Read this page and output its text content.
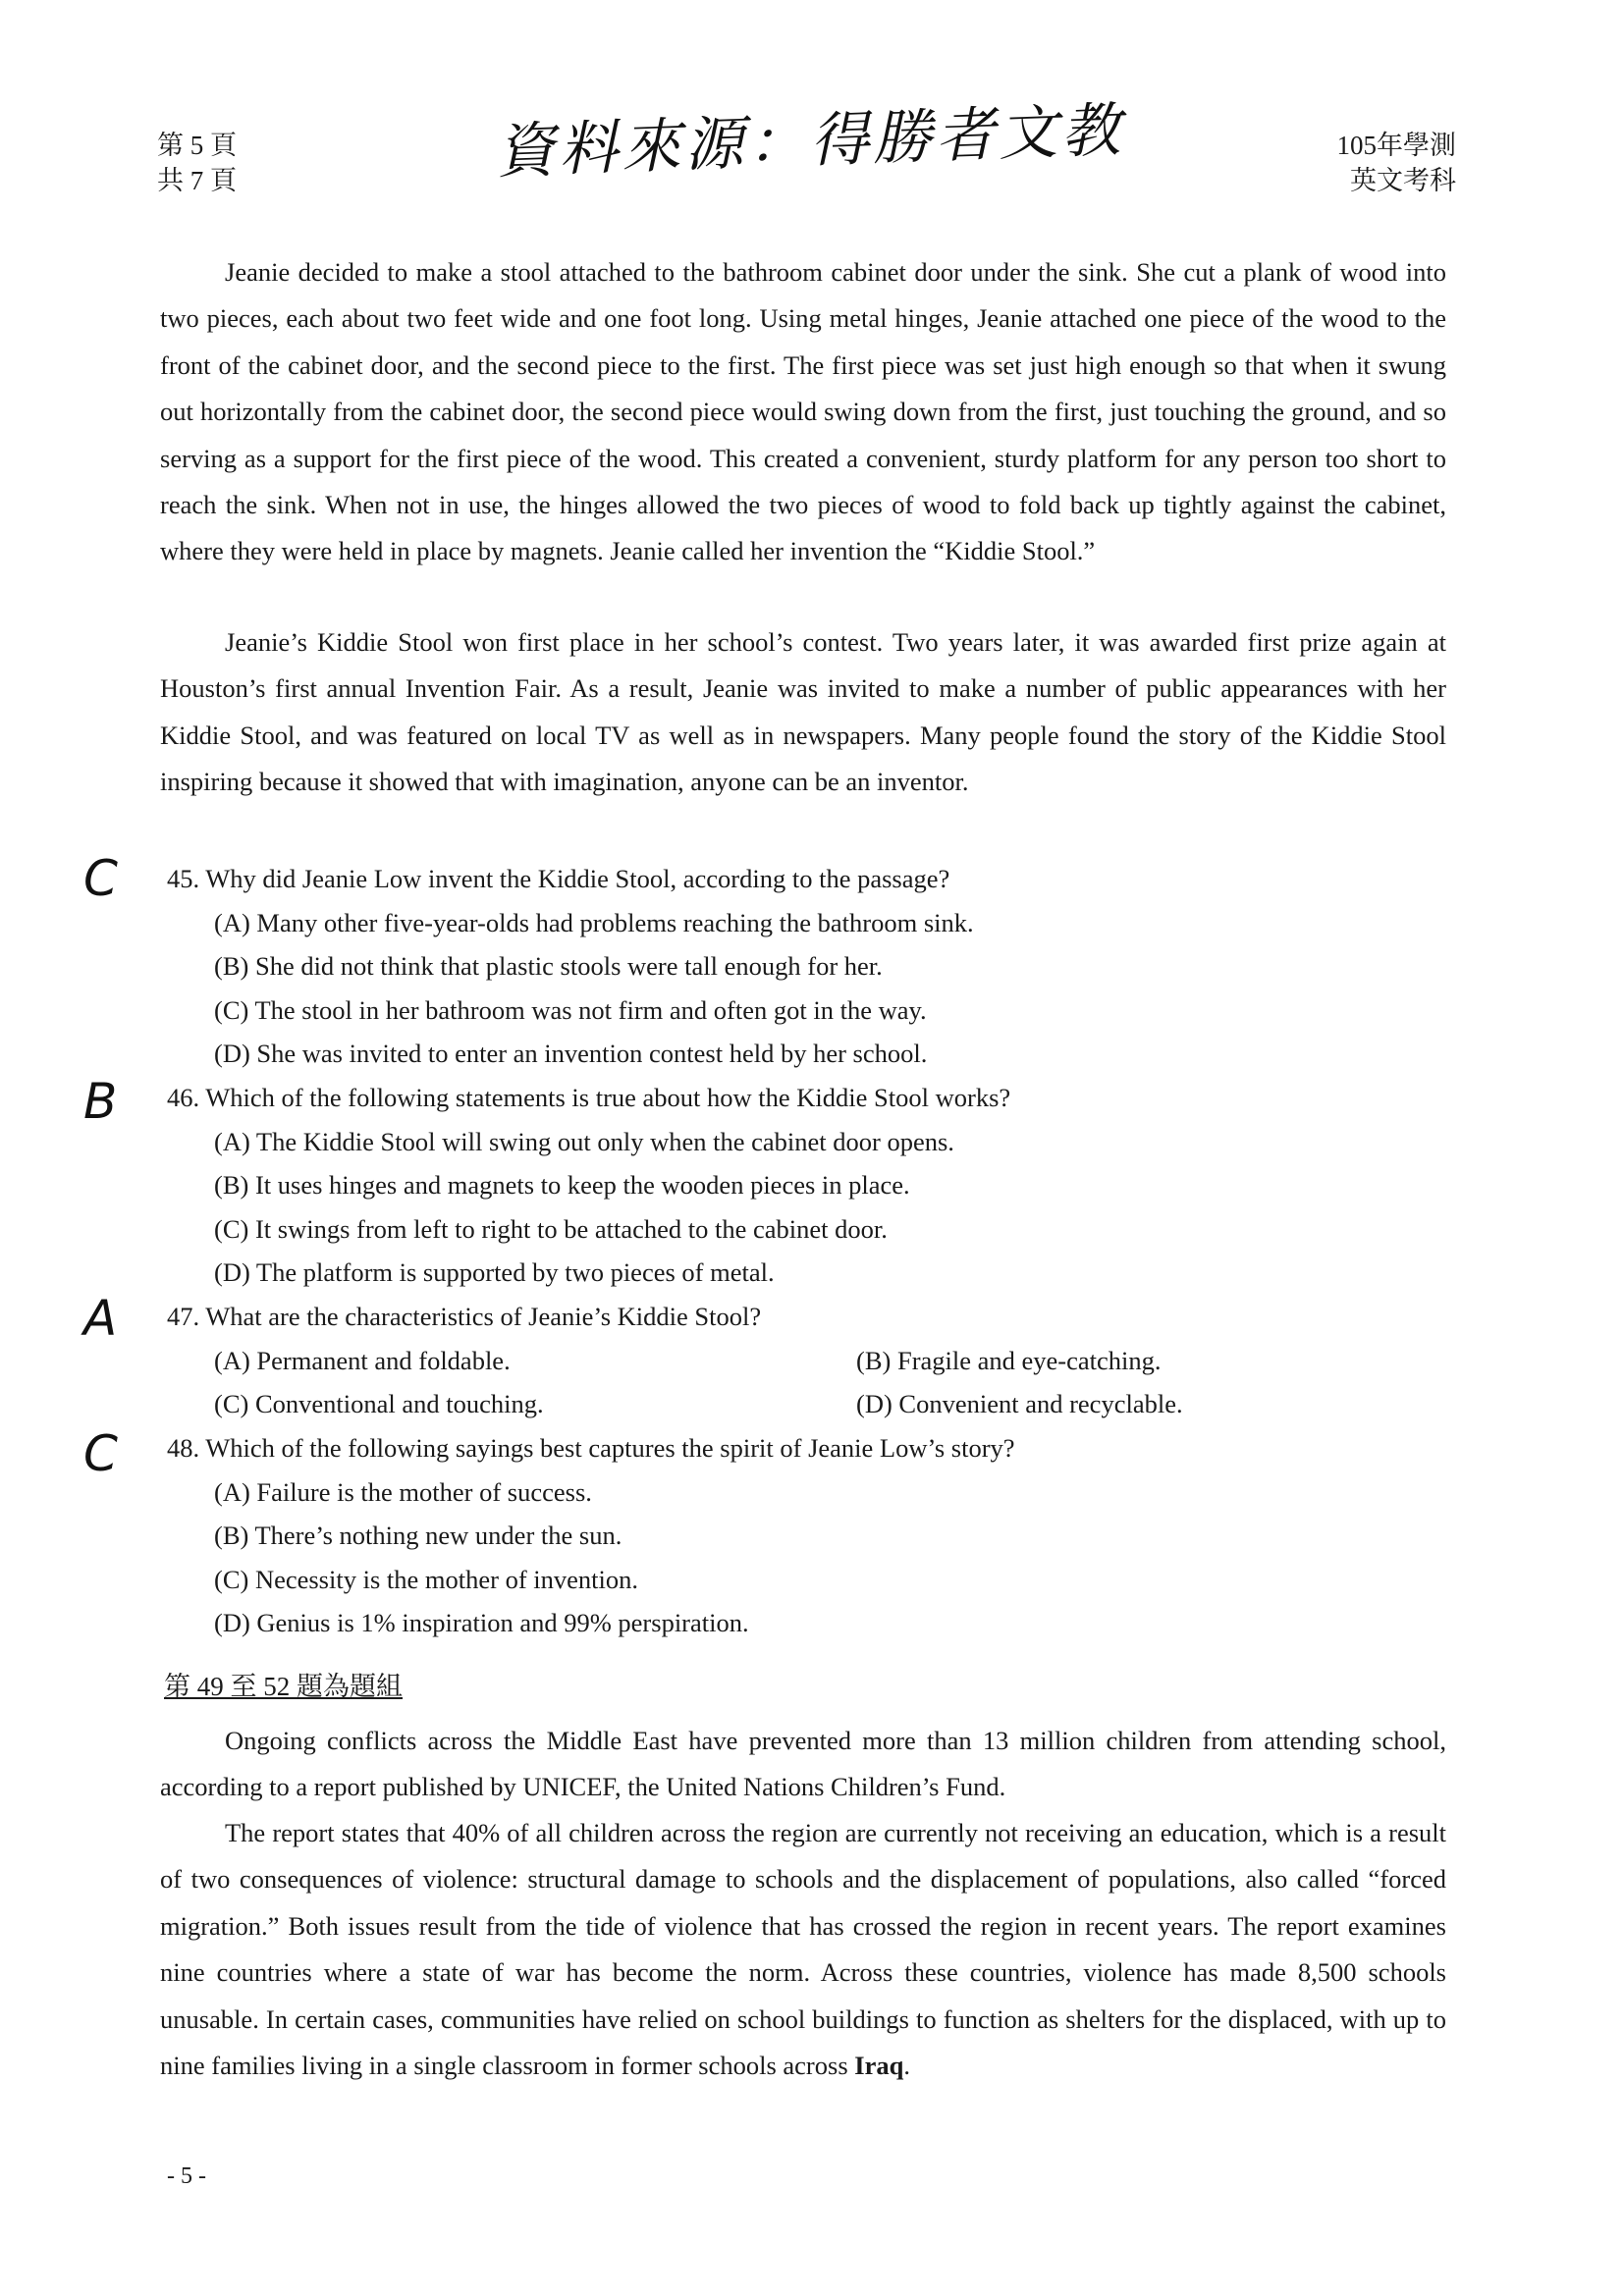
第 5 頁
共 7 頁	資料來源：得勝者文教	105年學測
英文考科

Jeanie decided to make a stool attached to the bathroom cabinet door under the sink. She cut a plank of wood into two pieces, each about two feet wide and one foot long. Using metal hinges, Jeanie attached one piece of the wood to the front of the cabinet door, and the second piece to the first. The first piece was set just high enough so that when it swung out horizontally from the cabinet door, the second piece would swing down from the first, just touching the ground, and so serving as a support for the first piece of the wood. This created a convenient, sturdy platform for any person too short to reach the sink. When not in use, the hinges allowed the two pieces of wood to fold back up tightly against the cabinet, where they were held in place by magnets. Jeanie called her invention the “Kiddie Stool.”

Jeanie’s Kiddie Stool won first place in her school’s contest. Two years later, it was awarded first prize again at Houston’s first annual Invention Fair. As a result, Jeanie was invited to make a number of public appearances with her Kiddie Stool, and was featured on local TV as well as in newspapers. Many people found the story of the Kiddie Stool inspiring because it showed that with imagination, anyone can be an inventor.

C 45. Why did Jeanie Low invent the Kiddie Stool, according to the passage?
(A) Many other five-year-olds had problems reaching the bathroom sink.
(B) She did not think that plastic stools were tall enough for her.
(C) The stool in her bathroom was not firm and often got in the way.
(D) She was invited to enter an invention contest held by her school.
B 46. Which of the following statements is true about how the Kiddie Stool works?
(A) The Kiddie Stool will swing out only when the cabinet door opens.
(B) It uses hinges and magnets to keep the wooden pieces in place.
(C) It swings from left to right to be attached to the cabinet door.
(D) The platform is supported by two pieces of metal.
A 47. What are the characteristics of Jeanie’s Kiddie Stool?
(A) Permanent and foldable.	(B) Fragile and eye-catching.
(C) Conventional and touching.	(D) Convenient and recyclable.
C 48. Which of the following sayings best captures the spirit of Jeanie Low’s story?
(A) Failure is the mother of success.
(B) There’s nothing new under the sun.
(C) Necessity is the mother of invention.
(D) Genius is 1% inspiration and 99% perspiration.
第 49 至 52 題為題組

Ongoing conflicts across the Middle East have prevented more than 13 million children from attending school, according to a report published by UNICEF, the United Nations Children’s Fund.

The report states that 40% of all children across the region are currently not receiving an education, which is a result of two consequences of violence: structural damage to schools and the displacement of populations, also called “forced migration.” Both issues result from the tide of violence that has crossed the region in recent years. The report examines nine countries where a state of war has become the norm. Across these countries, violence has made 8,500 schools unusable. In certain cases, communities have relied on school buildings to function as shelters for the displaced, with up to nine families living in a single classroom in former schools across Iraq.

- 5 -
